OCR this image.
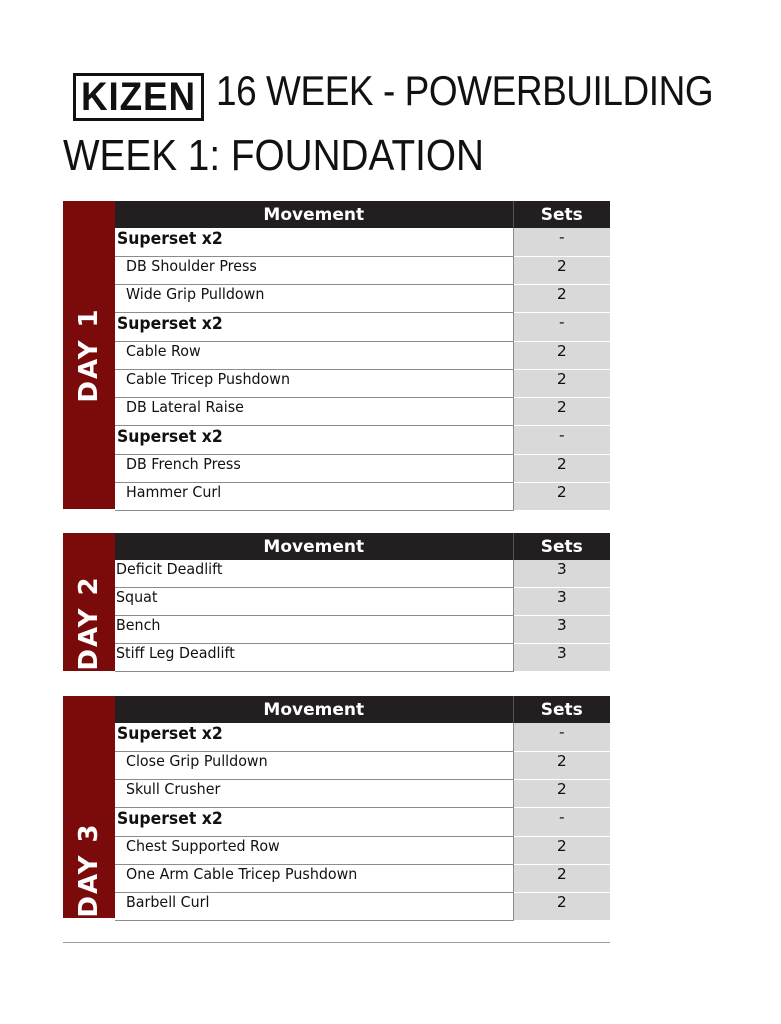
KIZEN 16 WEEK - POWERBUILDING
WEEK 1: FOUNDATION
DAY 1
Movement	Sets
Superset x2	-
DB Shoulder Press	2
Wide Grip Pulldown	2
Superset x2	-
Cable Row	2
Cable Tricep Pushdown	2
DB Lateral Raise	2
Superset x2	-
DB French Press	2
Hammer Curl	2
DAY 2
Movement	Sets
Deficit Deadlift	3
Squat	3
Bench	3
Stiff Leg Deadlift	3
DAY 3
Movement	Sets
Superset x2	-
Close Grip Pulldown	2
Skull Crusher	2
Superset x2	-
Chest Supported Row	2
One Arm Cable Tricep Pushdown	2
Barbell Curl	2
